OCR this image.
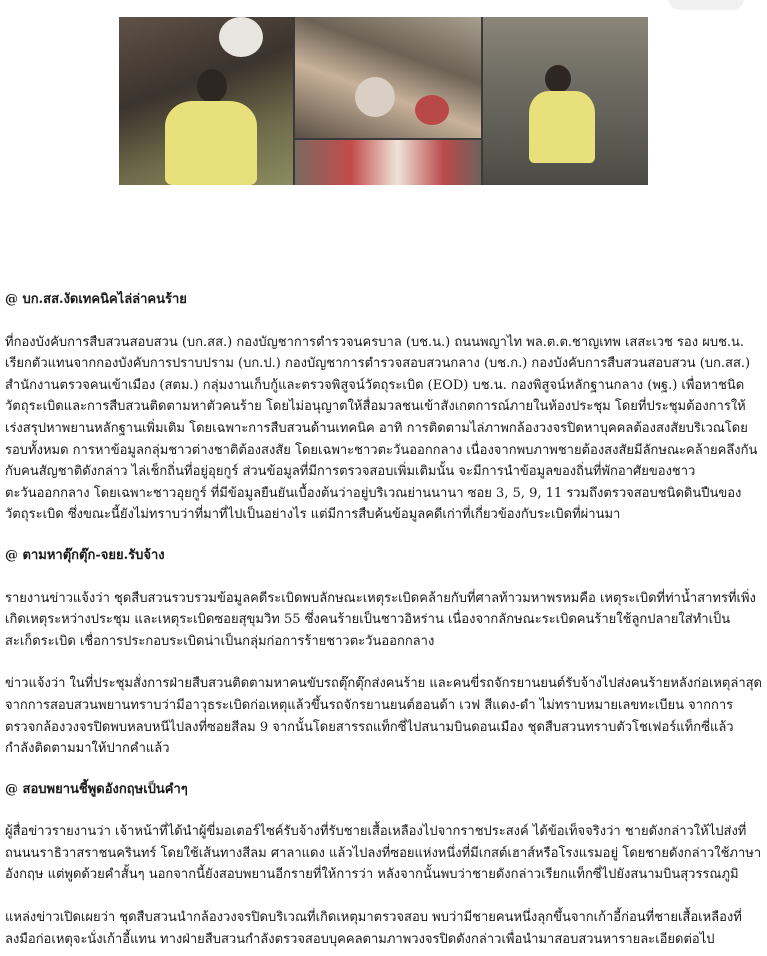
@ บก.สส.งัดเทคนิคไล่ล่าคนร้าย

ที่กองบังคับการสืบสวนสอบสวน (บก.สส.) กองบัญชาการตำรวจนครบาล (บช.น.) ถนนพญาไท พล.ต.ต.ชาญเทพ เสสะเวช รอง ผบช.น. เรียกตัวแทนจากกองบังคับการปราบปราม (บก.ป.) กองบัญชาการตำรวจสอบสวนกลาง (บช.ก.) กองบังคับการสืบสวนสอบสวน (บก.สส.) สำนักงานตรวจคนเข้าเมือง (สตม.) กลุ่มงานเก็บกู้และตรวจพิสูจน์วัตถุระเบิด (EOD) บช.น. กองพิสูจน์หลักฐานกลาง (พฐ.) เพื่อหาชนิดวัตถุระเบิดและการสืบสวนติดตามหาตัวคนร้าย โดยไม่อนุญาตให้สื่อมวลชนเข้าสังเกตการณ์ภายในห้องประชุม โดยที่ประชุมต้องการให้เร่งสรุปหาพยานหลักฐานเพิ่มเติม โดยเฉพาะการสืบสวนด้านเทคนิค อาทิ การติดตามไล่ภาพกล้องวงจรปิดหาบุคคลต้องสงสัยบริเวณโดยรอบทั้งหมด การหาข้อมูลกลุ่มชาวต่างชาติต้องสงสัย โดยเฉพาะชาวตะวันออกกลาง เนื่องจากพบภาพชายต้องสงสัยมีลักษณะคล้ายคลึงกันกับคนสัญชาติดังกล่าว ไล่เช็กถิ่นที่อยู่อุยกูร์ ส่วนข้อมูลที่มีการตรวจสอบเพิ่มเติมนั้น จะมีการนำข้อมูลของถิ่นที่พักอาศัยของชาวตะวันออกกลาง โดยเฉพาะชาวอุยกูร์ ที่มีข้อมูลยืนยันเบื้องต้นว่าอยู่บริเวณย่านนานา ซอย 3, 5, 9, 11 รวมถึงตรวจสอบชนิดดินปืนของวัตถุระเบิด ซึ่งขณะนี้ยังไม่ทราบว่าที่มาที่ไปเป็นอย่างไร แต่มีการสืบค้นข้อมูลคดีเก่าที่เกี่ยวข้องกับระเบิดที่ผ่านมา

@ ตามหาตุ๊กตุ๊ก-จยย.รับจ้าง

รายงานข่าวแจ้งว่า ชุดสืบสวนรวบรวมข้อมูลคดีระเบิดพบลักษณะเหตุระเบิดคล้ายกับที่ศาลท้าวมหาพรหมคือ เหตุระเบิดที่ท่าน้ำสาทรที่เพิ่งเกิดเหตุระหว่างประชุม และเหตุระเบิดซอยสุขุมวิท 55 ซึ่งคนร้ายเป็นชาวอิหร่าน เนื่องจากลักษณะระเบิดคนร้ายใช้ลูกปลายใส่ทำเป็นสะเก็ดระเบิด เชื่อการประกอบระเบิดน่าเป็นกลุ่มก่อการร้ายชาวตะวันออกกลาง

ข่าวแจ้งว่า ในที่ประชุมสั่งการฝ่ายสืบสวนติดตามหาคนขับรถตุ๊กตุ๊กส่งคนร้าย และคนขี่รถจักรยานยนต์รับจ้างไปส่งคนร้ายหลังก่อเหตุล่าสุด จากการสอบสวนพยานทราบว่ามีอาวุธระเบิดก่อเหตุแล้วขึ้นรถจักรยานยนต์ฮอนด้า เวฟ สีแดง-ดำ ไม่ทราบหมายเลขทะเบียน จากการตรวจกล้องวงจรปิดพบหลบหนีไปลงที่ซอยสีลม 9 จากนั้นโดยสารรถแท็กซี่ไปสนามบินดอนเมือง ชุดสืบสวนทราบตัวโชเฟอร์แท็กซี่แล้ว กำลังติดตามมาให้ปากคำแล้ว

@ สอบพยานชี้พูดอังกฤษเป็นคำๆ

ผู้สื่อข่าวรายงานว่า เจ้าหน้าที่ได้นำผู้ขี่มอเตอร์ไซค์รับจ้างที่รับชายเสื้อเหลืองไปจากราชประสงค์ ได้ข้อเท็จจริงว่า ชายดังกล่าวให้ไปส่งที่ถนนนราธิวาสราชนครินทร์ โดยใช้เส้นทางสีลม ศาลาแดง แล้วไปลงที่ซอยแห่งหนึ่งที่มีเกสต์เฮาส์หรือโรงแรมอยู่ โดยชายดังกล่าวใช้ภาษาอังกฤษ แต่พูดด้วยคำสั้นๆ นอกจากนี้ยังสอบพยานอีกรายที่ให้การว่า หลังจากนั้นพบว่าชายดังกล่าวเรียกแท็กซี่ไปยังสนามบินสุวรรณภูมิ

แหล่งข่าวเปิดเผยว่า ชุดสืบสวนนำกล้องวงจรปิดบริเวณที่เกิดเหตุมาตรวจสอบ พบว่ามีชายคนหนึ่งลุกขึ้นจากเก้าอี้ก่อนที่ชายเสื้อเหลืองที่ลงมือก่อเหตุจะนั่งเก้าอี้แทน ทางฝ่ายสืบสวนกำลังตรวจสอบบุคคลตามภาพวงจรปิดดังกล่าวเพื่อนำมาสอบสวนหารายละเอียดต่อไป
